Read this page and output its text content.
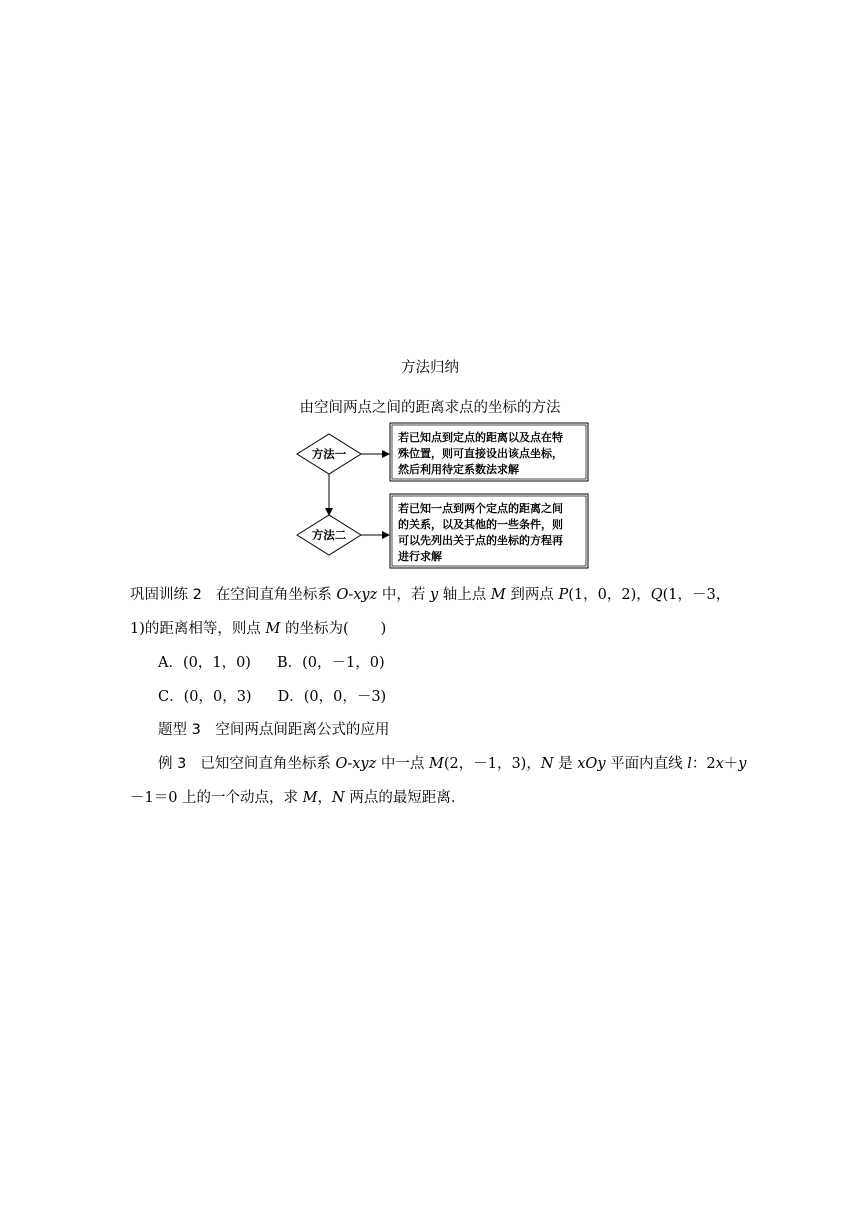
方法归纳
由空间两点之间的距离求点的坐标的方法
方法一
方法二
若已知点到定点的距离以及点在特 殊位置，则可直接设出该点坐标， 然后利用待定系数法求解
若已知一点到两个定点的距离之间 的关系，以及其他的一些条件，则 可以先列出关于点的坐标的方程再 进行求解
巩固训练 2 在空间直角坐标系 O-xyz 中，若 y 轴上点 M 到两点 P(1，0，2)，Q(1，－3，
1)的距离相等，则点 M 的坐标为( )
A．(0，1，0) B．(0，－1，0)
C．(0，0，3) D．(0，0，－3)
题型 3　空间两点间距离公式的应用
例 3 已知空间直角坐标系 O-xyz 中一点 M(2，－1，3)，N 是 xOy 平面内直线 l：2x＋y
－1＝0 上的一个动点，求 M，N 两点的最短距离．
